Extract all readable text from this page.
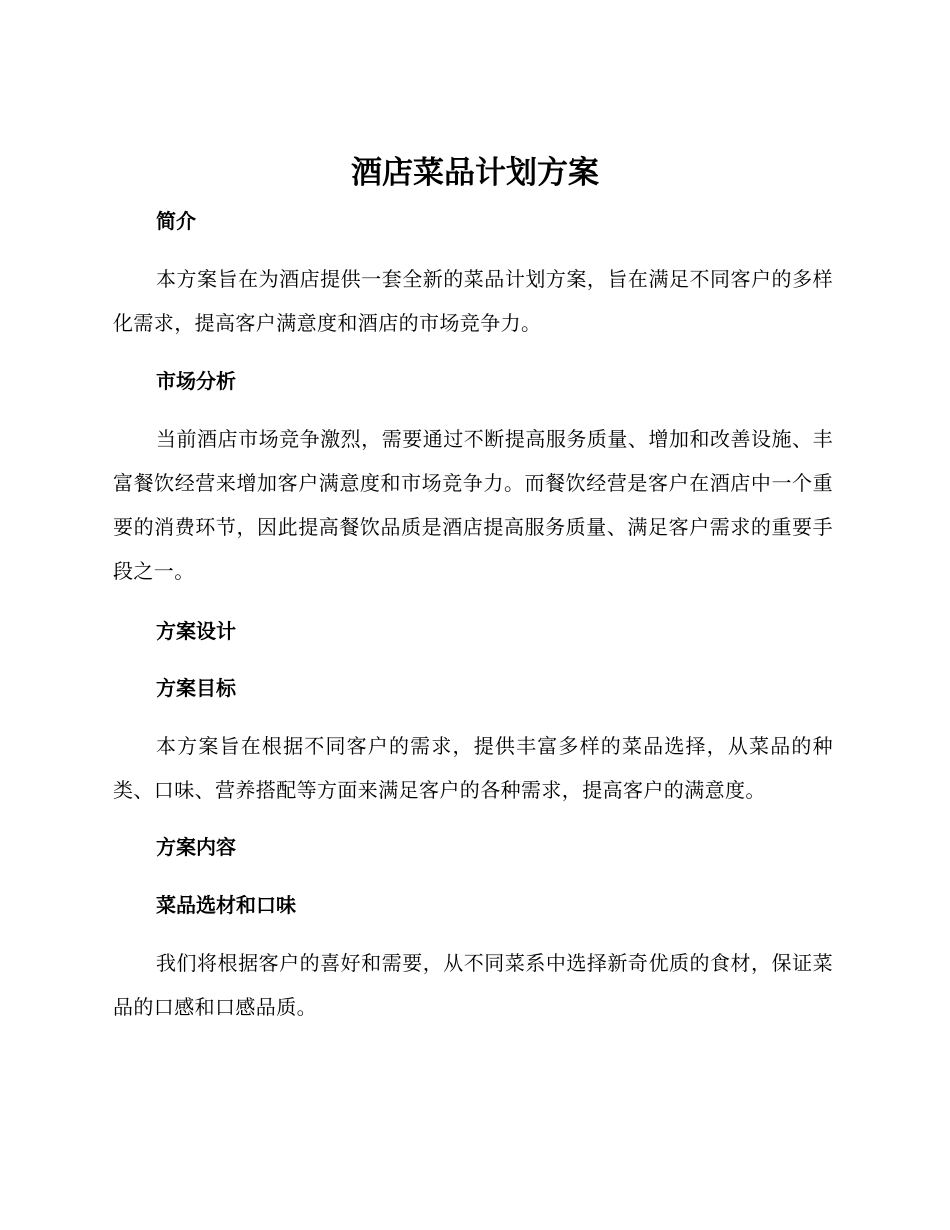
酒店菜品计划方案
简介
本方案旨在为酒店提供一套全新的菜品计划方案，旨在满足不同客户的多样化需求，提高客户满意度和酒店的市场竞争力。
市场分析
当前酒店市场竞争激烈，需要通过不断提高服务质量、增加和改善设施、丰富餐饮经营来增加客户满意度和市场竞争力。而餐饮经营是客户在酒店中一个重要的消费环节，因此提高餐饮品质是酒店提高服务质量、满足客户需求的重要手段之一。
方案设计
方案目标
本方案旨在根据不同客户的需求，提供丰富多样的菜品选择，从菜品的种类、口味、营养搭配等方面来满足客户的各种需求，提高客户的满意度。
方案内容
菜品选材和口味
我们将根据客户的喜好和需要，从不同菜系中选择新奇优质的食材，保证菜品的口感和口感品质。
